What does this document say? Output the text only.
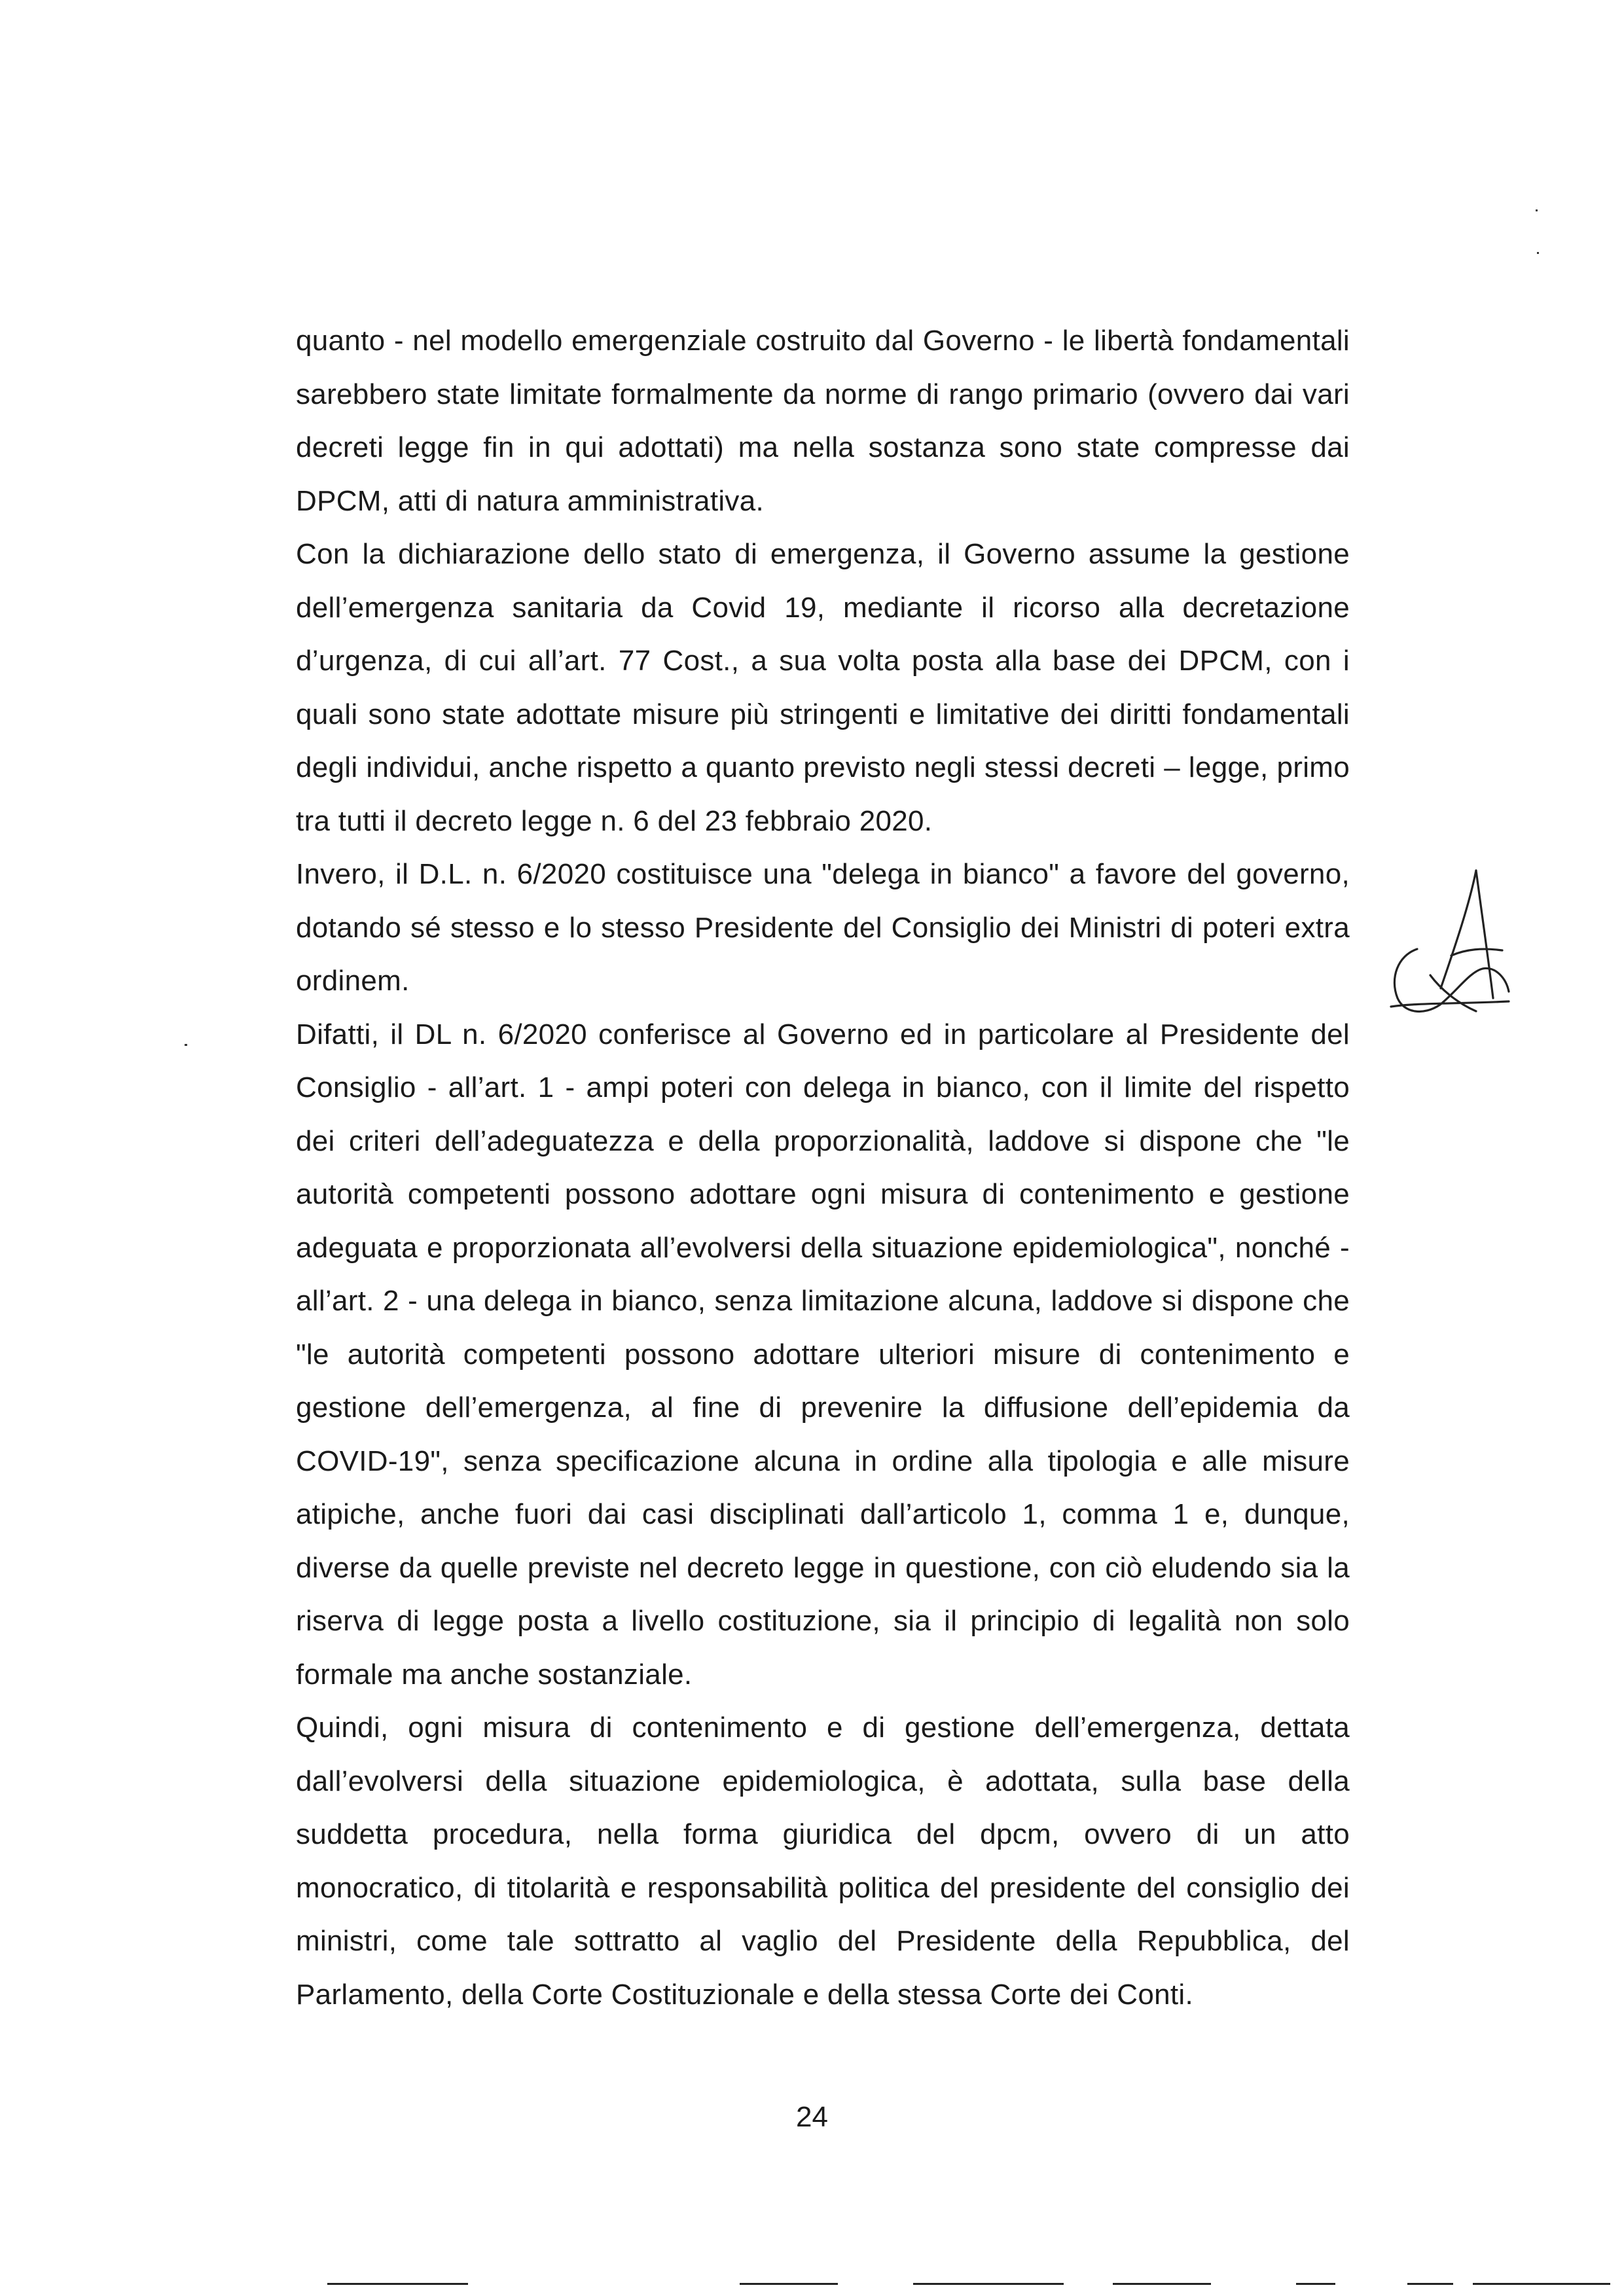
quanto - nel modello emergenziale costruito dal Governo - le libertà fondamentali sarebbero state limitate formalmente da norme di rango primario (ovvero dai vari decreti legge fin in qui adottati) ma nella sostanza sono state compresse dai DPCM, atti di natura amministrativa.

Con la dichiarazione dello stato di emergenza, il Governo assume la gestione dell’emergenza sanitaria da Covid 19, mediante il ricorso alla decretazione d’urgenza, di cui all’art. 77 Cost., a sua volta posta alla base dei DPCM, con i quali sono state adottate misure più stringenti e limitative dei diritti fondamentali degli individui, anche rispetto a quanto previsto negli stessi decreti – legge, primo tra tutti il decreto legge n. 6 del 23 febbraio 2020.

Invero, il D.L. n. 6/2020 costituisce una "delega in bianco" a favore del governo, dotando sé stesso e lo stesso Presidente del Consiglio dei Ministri di poteri extra ordinem.

Difatti, il DL n. 6/2020 conferisce al Governo ed in particolare al Presidente del Consiglio - all’art. 1 - ampi poteri con delega in bianco, con il limite del rispetto dei criteri dell’adeguatezza e della proporzionalità, laddove si dispone che "le autorità competenti possono adottare ogni misura di contenimento e gestione adeguata e proporzionata all’evolversi della situazione epidemiologica", nonché - all’art. 2 - una delega in bianco, senza limitazione alcuna, laddove si dispone che "le autorità competenti possono adottare ulteriori misure di contenimento e gestione dell’emergenza, al fine di prevenire la diffusione dell’epidemia da COVID-19", senza specificazione alcuna in ordine alla tipologia e alle misure atipiche, anche fuori dai casi disciplinati dall’articolo 1, comma 1 e, dunque, diverse da quelle previste nel decreto legge in questione, con ciò eludendo sia la riserva di legge posta a livello costituzione, sia il principio di legalità non solo formale ma anche sostanziale.

Quindi, ogni misura di contenimento e di gestione dell’emergenza, dettata dall’evolversi della situazione epidemiologica, è adottata, sulla base della suddetta procedura, nella forma giuridica del dpcm, ovvero di un atto monocratico, di titolarità e responsabilità politica del presidente del consiglio dei ministri, come tale sottratto al vaglio del Presidente della Repubblica, del Parlamento, della Corte Costituzionale e della stessa Corte dei Conti.

24
